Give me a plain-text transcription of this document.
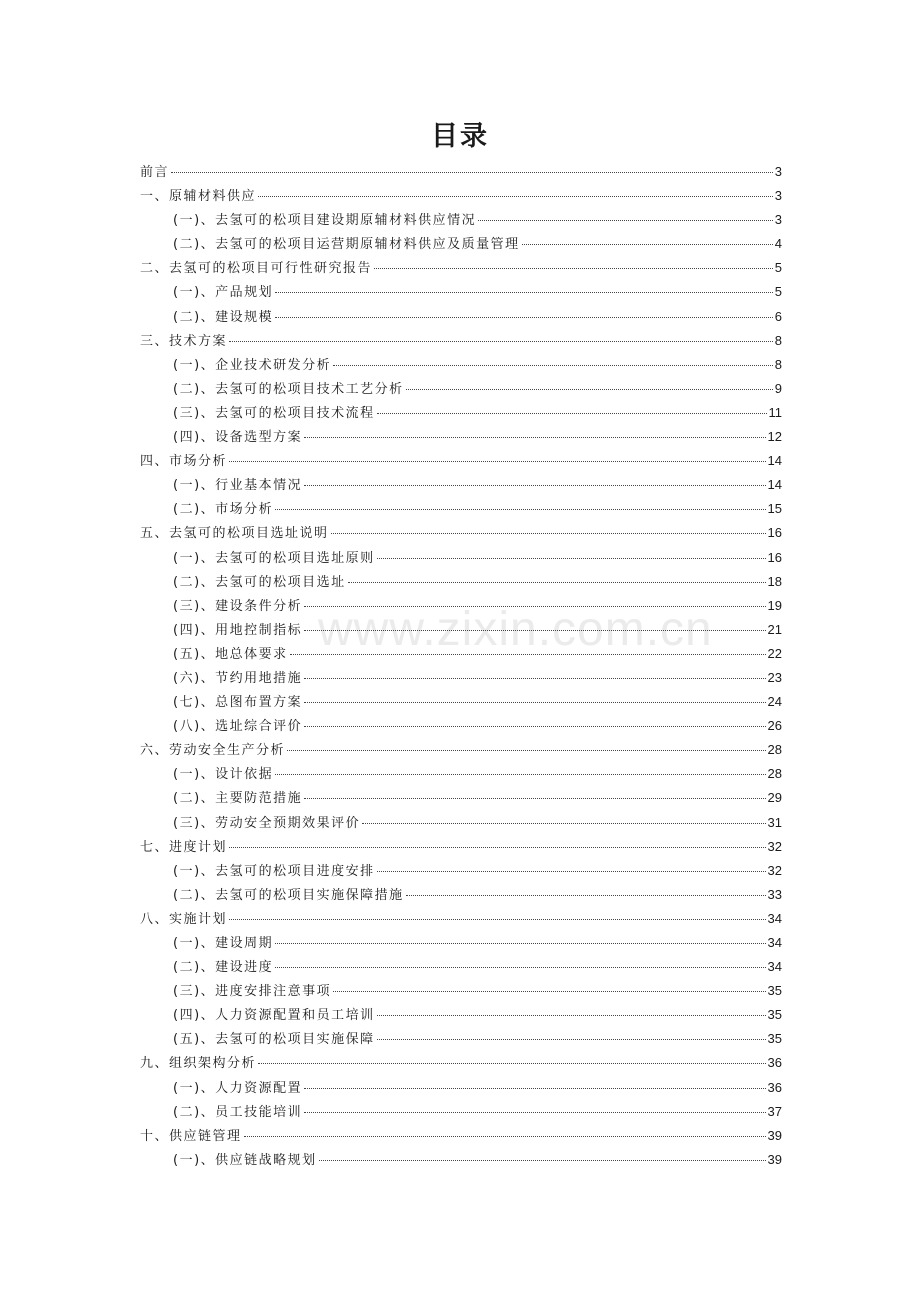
目录
www.zixin.com.cn
前言	3
一、原辅材料供应	3
(一)、去氢可的松项目建设期原辅材料供应情况	3
(二)、去氢可的松项目运营期原辅材料供应及质量管理	4
二、去氢可的松项目可行性研究报告	5
(一)、产品规划	5
(二)、建设规模	6
三、技术方案	8
(一)、企业技术研发分析	8
(二)、去氢可的松项目技术工艺分析	9
(三)、去氢可的松项目技术流程	11
(四)、设备选型方案	12
四、市场分析	14
(一)、行业基本情况	14
(二)、市场分析	15
五、去氢可的松项目选址说明	16
(一)、去氢可的松项目选址原则	16
(二)、去氢可的松项目选址	18
(三)、建设条件分析	19
(四)、用地控制指标	21
(五)、地总体要求	22
(六)、节约用地措施	23
(七)、总图布置方案	24
(八)、选址综合评价	26
六、劳动安全生产分析	28
(一)、设计依据	28
(二)、主要防范措施	29
(三)、劳动安全预期效果评价	31
七、进度计划	32
(一)、去氢可的松项目进度安排	32
(二)、去氢可的松项目实施保障措施	33
八、实施计划	34
(一)、建设周期	34
(二)、建设进度	34
(三)、进度安排注意事项	35
(四)、人力资源配置和员工培训	35
(五)、去氢可的松项目实施保障	35
九、组织架构分析	36
(一)、人力资源配置	36
(二)、员工技能培训	37
十、供应链管理	39
(一)、供应链战略规划	39
